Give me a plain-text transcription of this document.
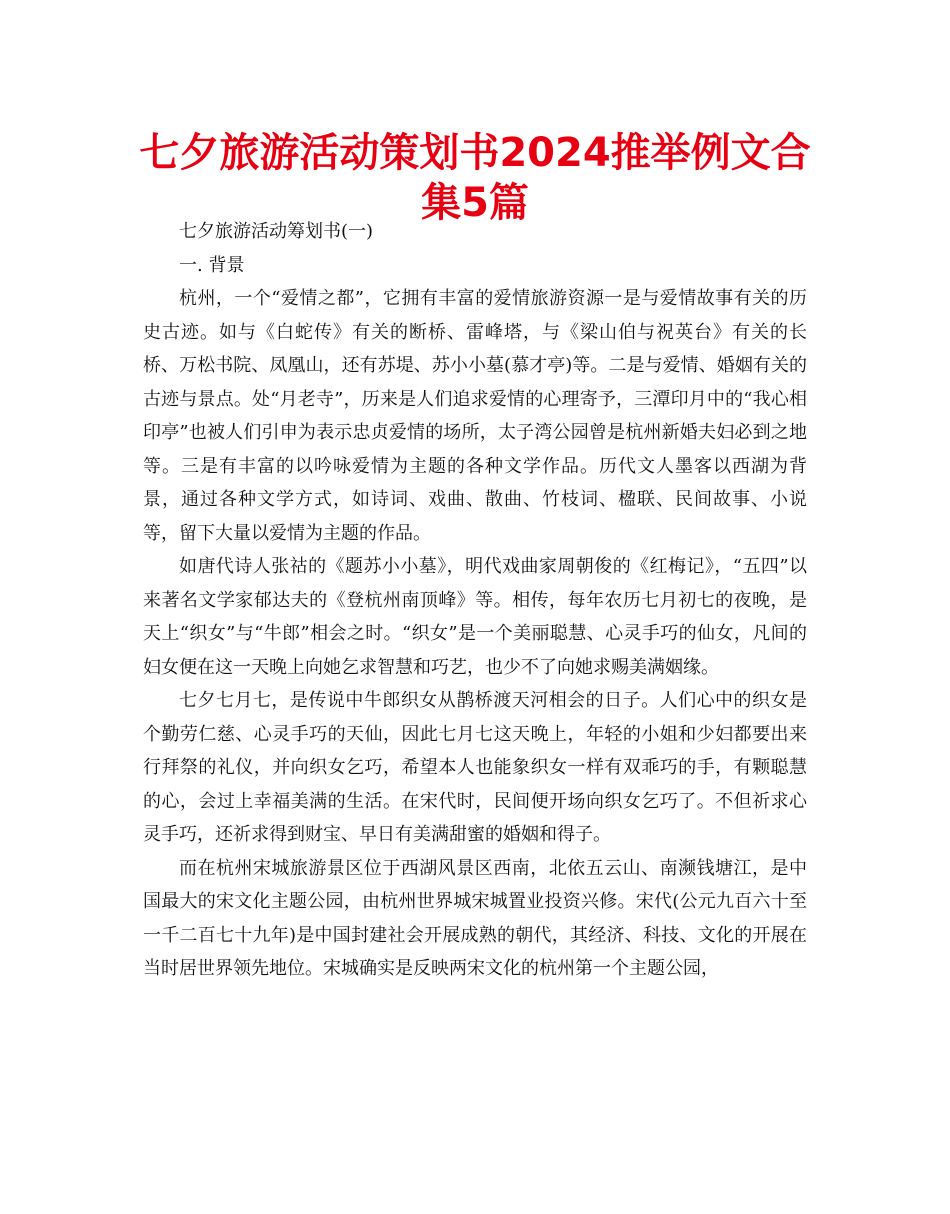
七夕旅游活动策划书2024推举例文合集5篇

七夕旅游活动筹划书(一)

一. 背景

杭州，一个“爱情之都”，它拥有丰富的爱情旅游资源一是与爱情故事有关的历史古迹。如与《白蛇传》有关的断桥、雷峰塔，与《梁山伯与祝英台》有关的长桥、万松书院、凤凰山，还有苏堤、苏小小墓(慕才亭)等。二是与爱情、婚姻有关的古迹与景点。处“月老寺”，历来是人们追求爱情的心理寄予，三潭印月中的“我心相印亭”也被人们引申为表示忠贞爱情的场所，太子湾公园曾是杭州新婚夫妇必到之地等。三是有丰富的以吟咏爱情为主题的各种文学作品。历代文人墨客以西湖为背景，通过各种文学方式，如诗词、戏曲、散曲、竹枝词、楹联、民间故事、小说等，留下大量以爱情为主题的作品。

如唐代诗人张祜的《题苏小小墓》，明代戏曲家周朝俊的《红梅记》，“五四”以来著名文学家郁达夫的《登杭州南顶峰》等。相传，每年农历七月初七的夜晚，是天上“织女”与“牛郎”相会之时。“织女”是一个美丽聪慧、心灵手巧的仙女，凡间的妇女便在这一天晚上向她乞求智慧和巧艺，也少不了向她求赐美满姻缘。

七夕七月七，是传说中牛郎织女从鹊桥渡天河相会的日子。人们心中的织女是个勤劳仁慈、心灵手巧的天仙，因此七月七这天晚上，年轻的小姐和少妇都要出来行拜祭的礼仪，并向织女乞巧，希望本人也能象织女一样有双乖巧的手，有颗聪慧的心，会过上幸福美满的生活。在宋代时，民间便开场向织女乞巧了。不但祈求心灵手巧，还祈求得到财宝、早日有美满甜蜜的婚姻和得子。

而在杭州宋城旅游景区位于西湖风景区西南，北依五云山、南濒钱塘江，是中国最大的宋文化主题公园，由杭州世界城宋城置业投资兴修。宋代(公元九百六十至一千二百七十九年)是中国封建社会开展成熟的朝代，其经济、科技、文化的开展在当时居世界领先地位。宋城确实是反映两宋文化的杭州第一个主题公园，
